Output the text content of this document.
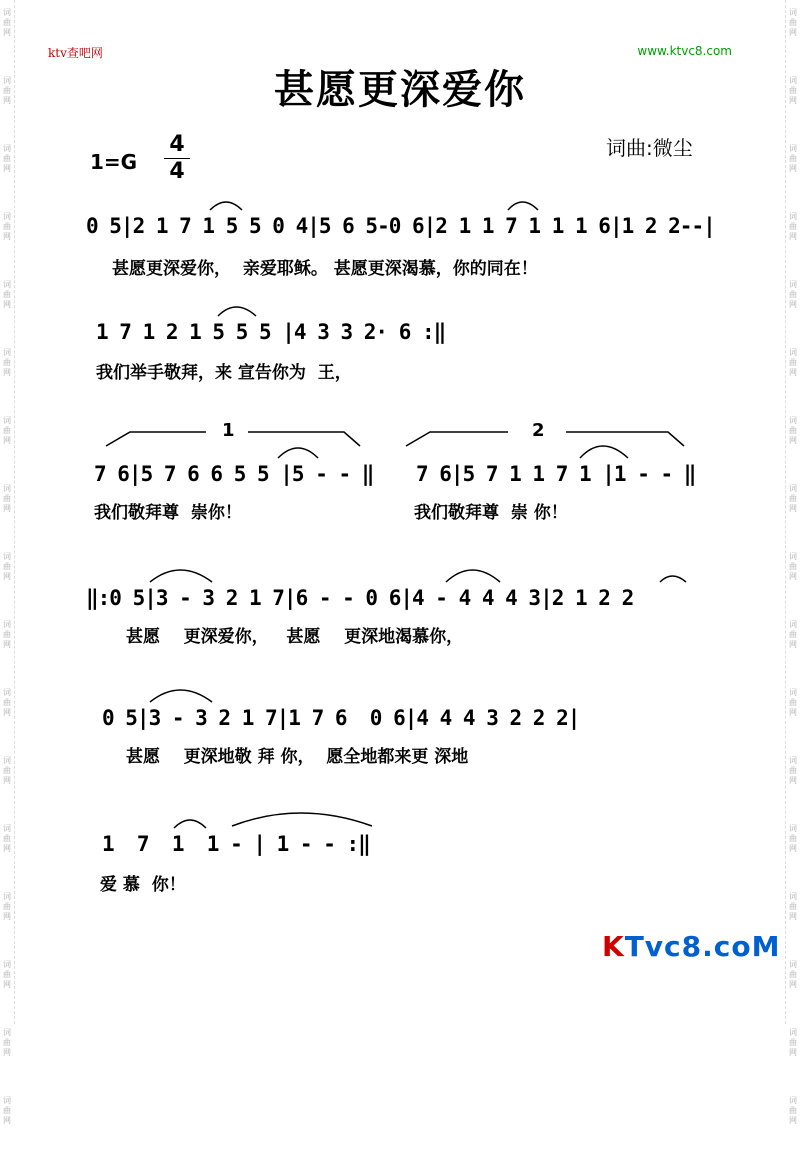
词
曲
网
词
曲
网
词
曲
网
词
曲
网
词
曲
网
词
曲
网
词
曲
网
词
曲
网
词
曲
网
词
曲
网
词
曲
网
词
曲
网
词
曲
网
词
曲
网
词
曲
网
词
曲
网
词
曲
网
词
曲
网
词
曲
网
词
曲
网
词
曲
网
词
曲
网
词
曲
网
词
曲
网
词
曲
网
词
曲
网
词
曲
网
词
曲
网
词
曲
网
词
曲
网
词
曲
网
词
曲
网
词
曲
网
词
曲
网
ktv查吧网	www.ktvc8.com
甚愿更深爱你
词曲:微尘
1=G
4
4
0 5|2 1 7 1 5 5 0 4|5 6 5-0 6|2 1 1 7 1 1 1 6|1 2 2--|
甚愿更深爱你，  亲爱耶稣。 甚愿更深渴慕，你的同在！
1 7 1 2 1 5 5 5 |4 3 3 2· 6 :‖
我们举手敬拜，来 宣告你为  王，
1	2
7 6|5 7 6 6 5 5 |5 - - ‖ 7 6|5 7 1 1 7 1 |1 - - ‖
我们敬拜尊  崇你！	我们敬拜尊  崇 你！
‖:0 5|3 - 3 2 1 7|6 - - 0 6|4 - 4 4 4 3|2 1 2 2
甚愿    更深爱你，   甚愿    更深地渴慕你，
0 5|3 - 3 2 1 7|1 7 6  0 6|4 4 4 3 2 2 2|
甚愿    更深地敬 拜 你，  愿全地都来更 深地
1  7  1  1 - | 1 - - :‖
爱 慕  你！
KTvc8.coM
